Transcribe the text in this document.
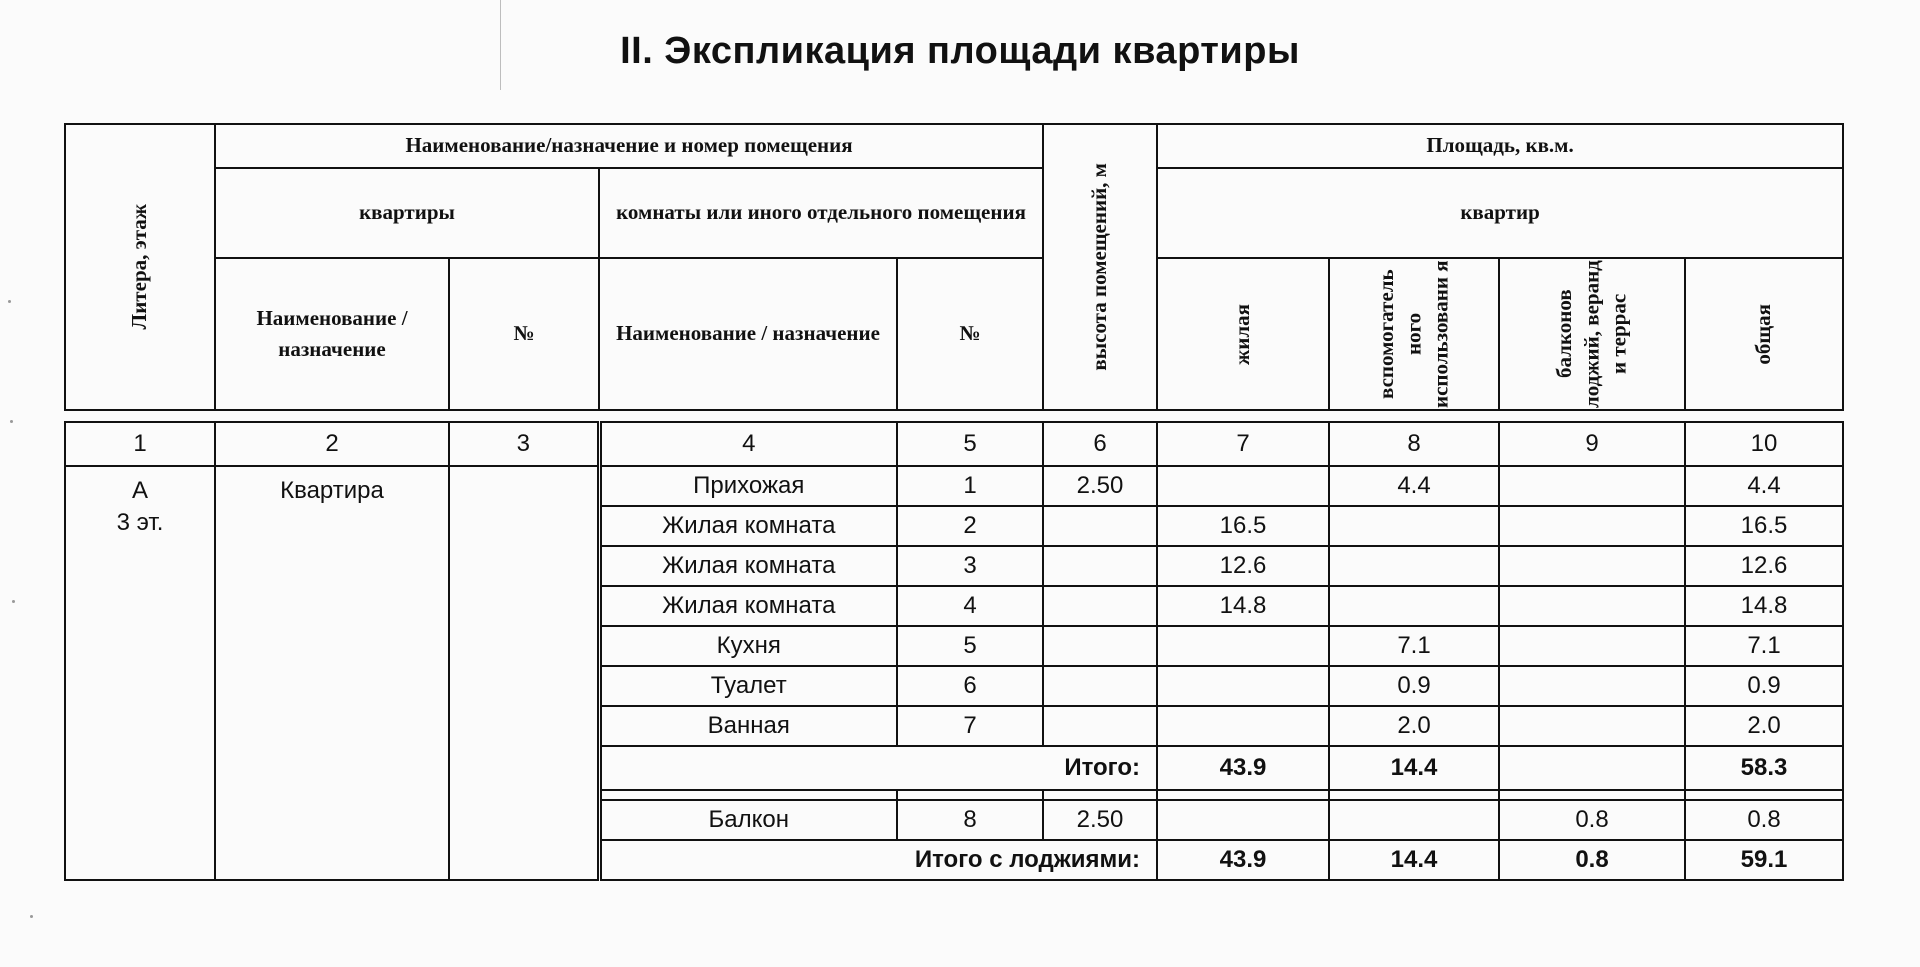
II. Экспликация площади квартиры
Литера, этаж	Наименование/назначение и номер помещения				высота помещений, м	Площадь, кв.м.			
	квартиры		комнаты или иного отдельного помещения			квартир			
	Наименование / назначение	№	Наименование / назначение	№		жилая	вспомогатель ного использовани я	балконов лоджий, веранд и террас	общая
1	2	3	4	5	6	7	8	9	10

А
3 эт.	Квартира		Прихожая	1	2.50		4.4		4.4
			Жилая комната	2		16.5			16.5
			Жилая комната	3		12.6			12.6
			Жилая комната	4		14.8			14.8
			Кухня	5			7.1		7.1
			Туалет	6			0.9		0.9
			Ванная	7			2.0		2.0
			Итого:			43.9	14.4		58.3

			Балкон	8	2.50			0.8	0.8
			Итого с лоджиями:			43.9	14.4	0.8	59.1
